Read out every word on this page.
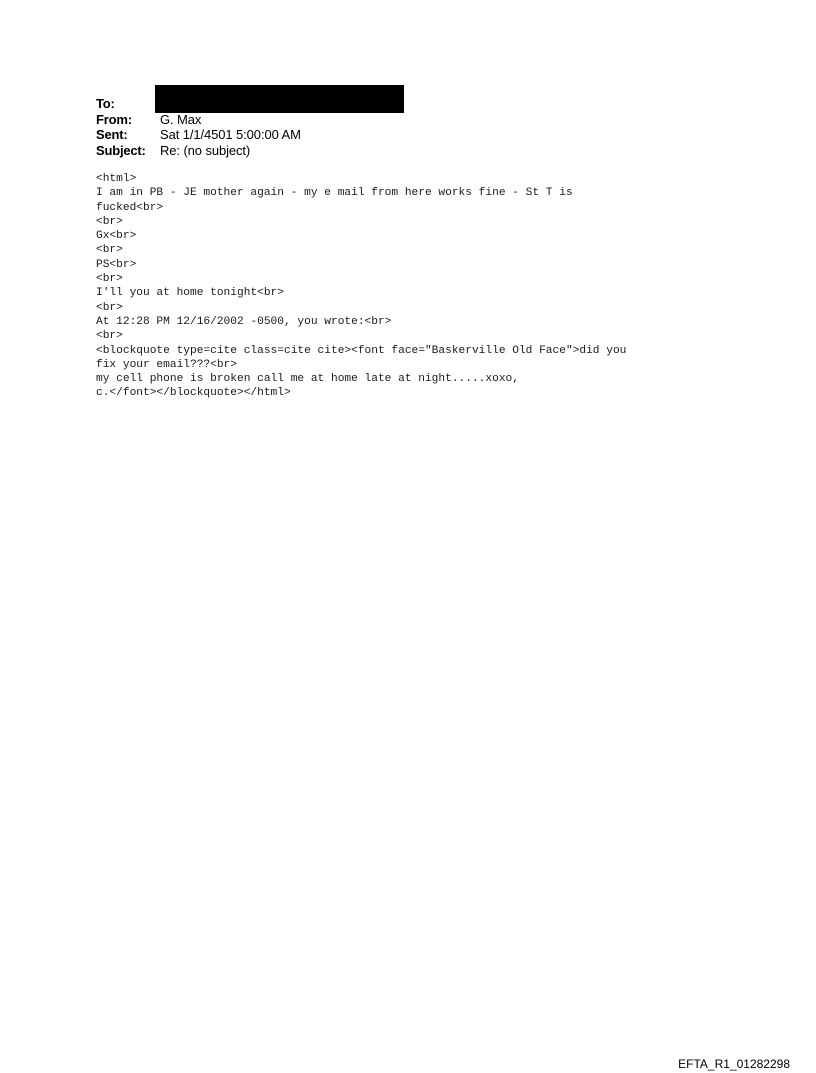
To:
From:	G. Max
Sent:	Sat 1/1/4501 5:00:00 AM
Subject:	Re: (no subject)
<html>
I am in PB - JE mother again - my e mail from here works fine - St T is
fucked<br>
<br>
Gx<br>
<br>
PS<br>
<br>
I'll you at home tonight<br>
<br>
At 12:28 PM 12/16/2002 -0500, you wrote:<br>
<br>
<blockquote type=cite class=cite cite><font face="Baskerville Old Face">did you
fix your email???<br>
my cell phone is broken call me at home late at night.....xoxo,
c.</font></blockquote></html>
EFTA_R1_01282298
